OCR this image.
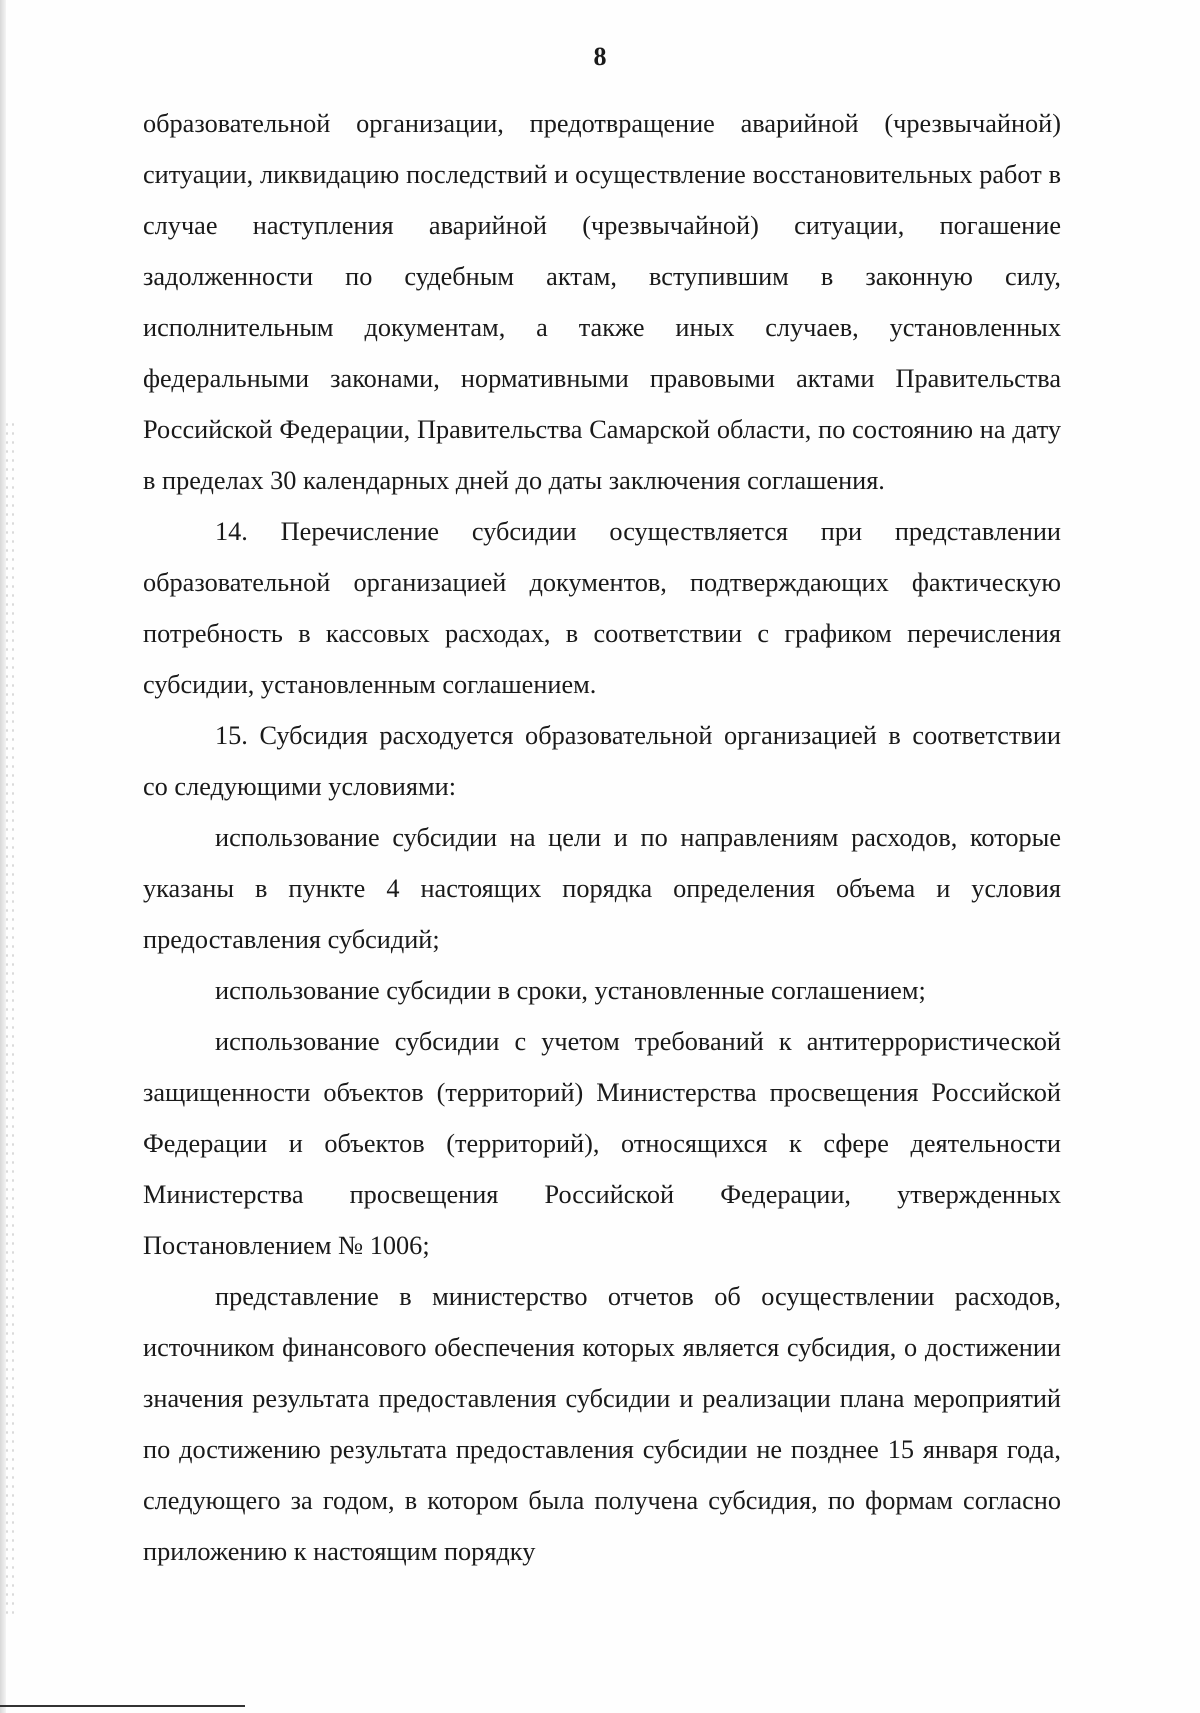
8

образовательной организации, предотвращение аварийной (чрезвычайной) ситуации, ликвидацию последствий и осуществление восстановительных работ в случае наступления аварийной (чрезвычайной) ситуации, погашение задолженности по судебным актам, вступившим в законную силу, исполнительным документам, а также иных случаев, установленных федеральными законами, нормативными правовыми актами Правительства Российской Федерации, Правительства Самарской области, по состоянию на дату в пределах 30 календарных дней до даты заключения соглашения.

14. Перечисление субсидии осуществляется при представлении образовательной организацией документов, подтверждающих фактическую потребность в кассовых расходах, в соответствии с графиком перечисления субсидии, установленным соглашением.

15. Субсидия расходуется образовательной организацией в соответствии со следующими условиями:

использование субсидии на цели и по направлениям расходов, которые указаны в пункте 4 настоящих порядка определения объема и условия предоставления субсидий;

использование субсидии в сроки, установленные соглашением;

использование субсидии с учетом требований к антитеррористической защищенности объектов (территорий) Министерства просвещения Российской Федерации и объектов (территорий), относящихся к сфере деятельности Министерства просвещения Российской Федерации, утвержденных Постановлением № 1006;

представление в министерство отчетов об осуществлении расходов, источником финансового обеспечения которых является субсидия, о достижении значения результата предоставления субсидии и реализации плана мероприятий по достижению результата предоставления субсидии не позднее 15 января года, следующего за годом, в котором была получена субсидия, по формам согласно приложению к настоящим порядку
